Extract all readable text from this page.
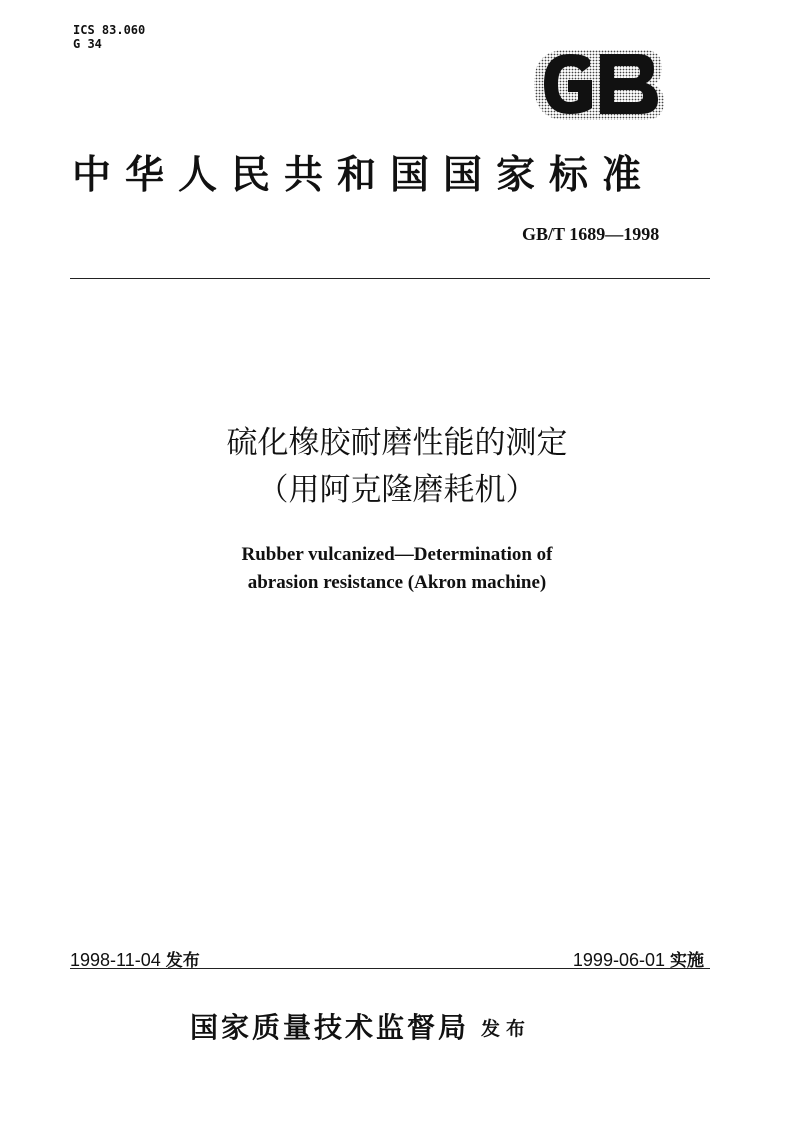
ICS 83.060
G 34
中华人民共和国国家标准
GB/T 1689—1998
硫化橡胶耐磨性能的测定
（用阿克隆磨耗机）
Rubber vulcanized—Determination of
abrasion resistance (Akron machine)
1998-11-04 发布	1999-06-01 实施
国家质量技术监督局 发布
